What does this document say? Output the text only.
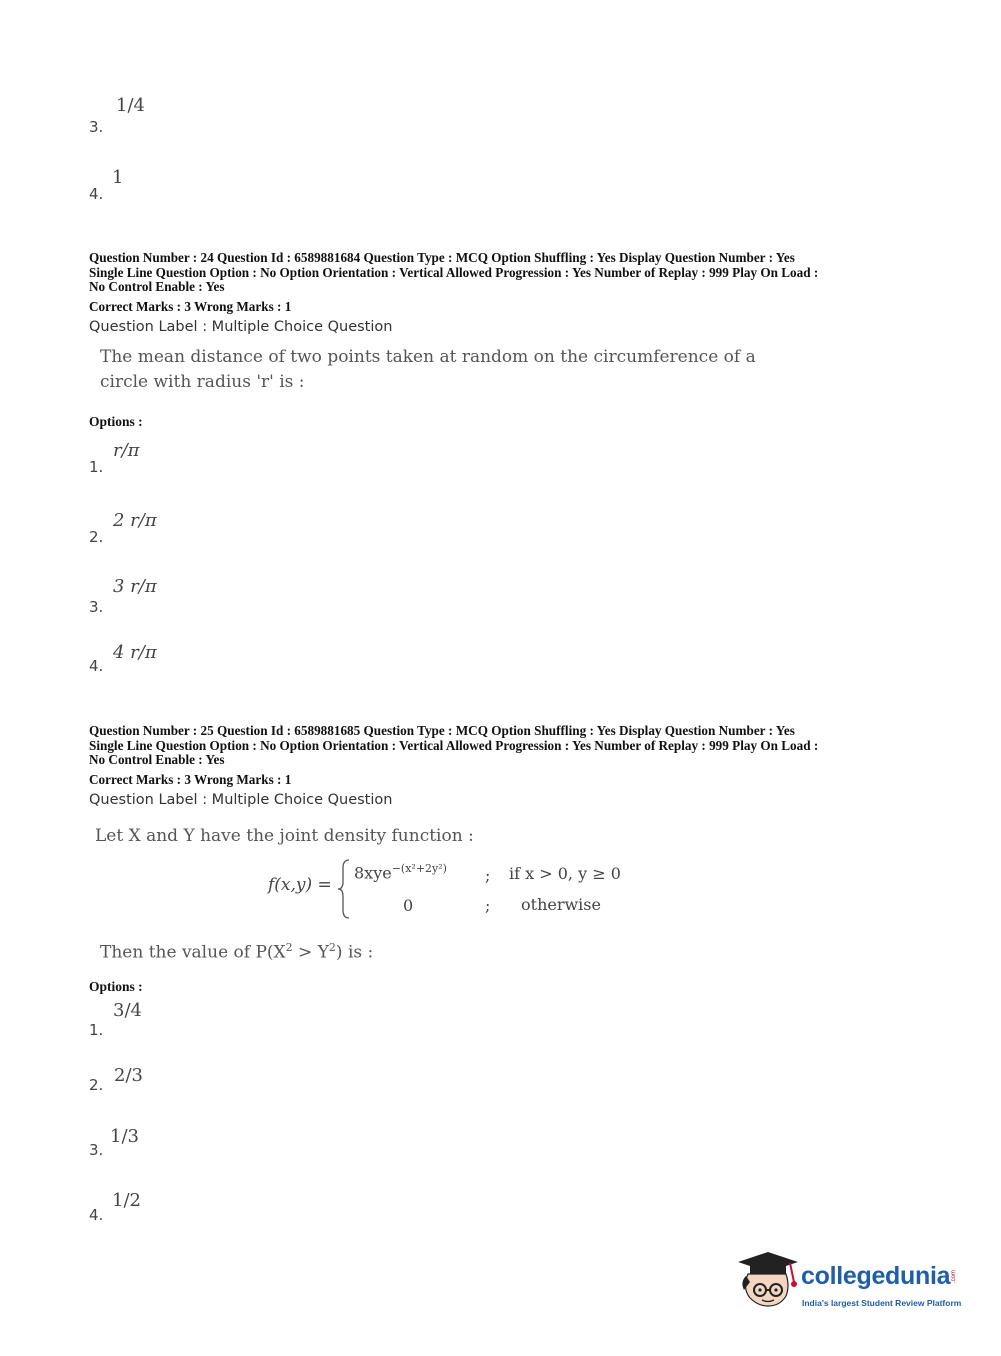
1/4
3.
1
4.
Question Number : 24 Question Id : 6589881684 Question Type : MCQ Option Shuffling : Yes Display Question Number : Yes
Single Line Question Option : No Option Orientation : Vertical Allowed Progression : Yes Number of Replay : 999 Play On Load :
No Control Enable : Yes
Correct Marks : 3 Wrong Marks : 1
Question Label : Multiple Choice Question
The mean distance of two points taken at random on the circumference of a
circle with radius 'r' is :
Options :
r/π
1.
2 r/π
2.
3 r/π
3.
4 r/π
4.
Question Number : 25 Question Id : 6589881685 Question Type : MCQ Option Shuffling : Yes Display Question Number : Yes
Single Line Question Option : No Option Orientation : Vertical Allowed Progression : Yes Number of Replay : 999 Play On Load :
No Control Enable : Yes
Correct Marks : 3 Wrong Marks : 1
Question Label : Multiple Choice Question
Let X and Y have the joint density function :
f(x,y) =
8xye$^{-(x^2+2y^2)}$ ; if x > 0, y ≥ 0
0	; otherwise
Then the value of $P(X^2 > Y^2)$ is :
Options :
3/4
1.
2/3
2.
1/3
3.
1/2
4.
collegedunia .com
India's largest Student Review Platform
